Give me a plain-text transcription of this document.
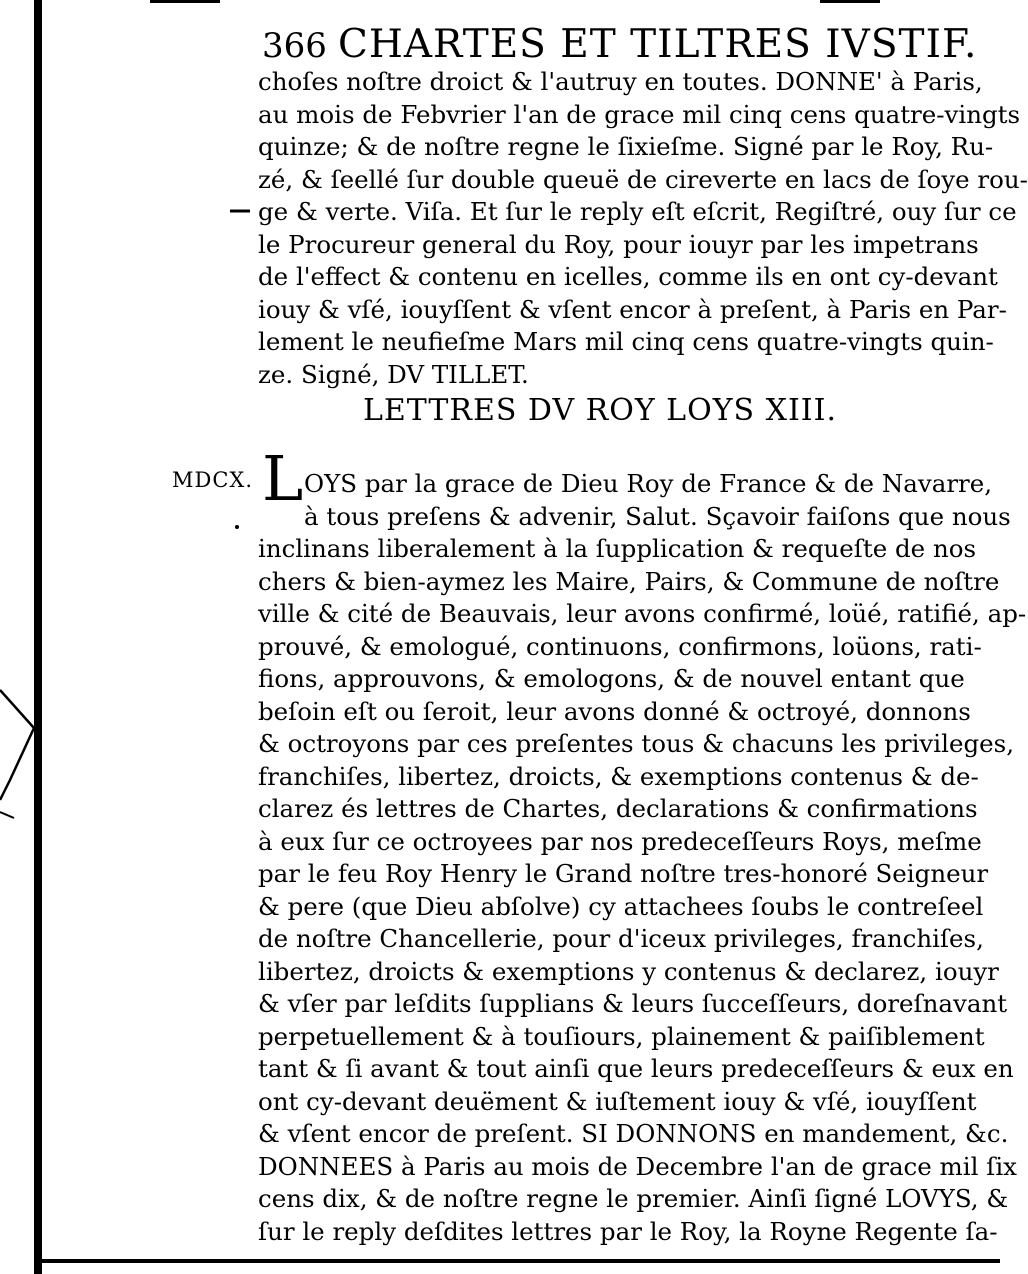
366 CHARTES ET TILTRES IVSTIF.
choſes noſtre droict & l'autruy en toutes. DONNE' à Paris,
au mois de Febvrier l'an de grace mil cinq cens quatre-vingts
quinze; & de noſtre regne le ſixieſme. Signé par le Roy, Ru-
zé, & ſeellé ſur double queuë de cireverte en lacs de ſoye rou-
ge & verte. Viſa. Et ſur le reply eſt eſcrit, Regiſtré, ouy ſur ce
le Procureur general du Roy, pour iouyr par les impetrans
de l'effect & contenu en icelles, comme ils en ont cy-devant
iouy & vſé, iouyſſent & vſent encor à preſent, à Paris en Par-
lement le neufieſme Mars mil cinq cens quatre-vingts quin-
ze. Signé, DV TILLET.
LETTRES DV ROY LOYS XIII.
MDCX. L OYS par la grace de Dieu Roy de France & de Navarre,
à tous preſens & advenir, Salut. Sçavoir faiſons que nous
inclinans liberalement à la ſupplication & requeſte de nos
chers & bien-aymez les Maire, Pairs, & Commune de noſtre
ville & cité de Beauvais, leur avons confirmé, loüé, ratifié, ap-
prouvé, & emologué, continuons, confirmons, loüons, rati-
fions, approuvons, & emologons, & de nouvel entant que
beſoin eſt ou ſeroit, leur avons donné & octroyé, donnons
& octroyons par ces preſentes tous & chacuns les privileges,
franchiſes, libertez, droicts, & exemptions contenus & de-
clarez és lettres de Chartes, declarations & confirmations
à eux ſur ce octroyees par nos predeceſſeurs Roys, meſme
par le feu Roy Henry le Grand noſtre tres-honoré Seigneur
& pere (que Dieu abſolve) cy attachees ſoubs le contreſeel
de noſtre Chancellerie, pour d'iceux privileges, franchiſes,
libertez, droicts & exemptions y contenus & declarez, iouyr
& vſer par leſdits ſupplians & leurs ſucceſſeurs, doreſnavant
perpetuellement & à touſiours, plainement & paiſiblement
tant & ſi avant & tout ainſi que leurs predeceſſeurs & eux en
ont cy-devant deuëment & iuſtement iouy & vſé, iouyſſent
& vſent encor de preſent. SI DONNONS en mandement, &c.
DONNEES à Paris au mois de Decembre l'an de grace mil ſix
cens dix, & de noſtre regne le premier. Ainſi ſigné LOVYS, &
ſur le reply deſdites lettres par le Roy, la Royne Regente ſa-
